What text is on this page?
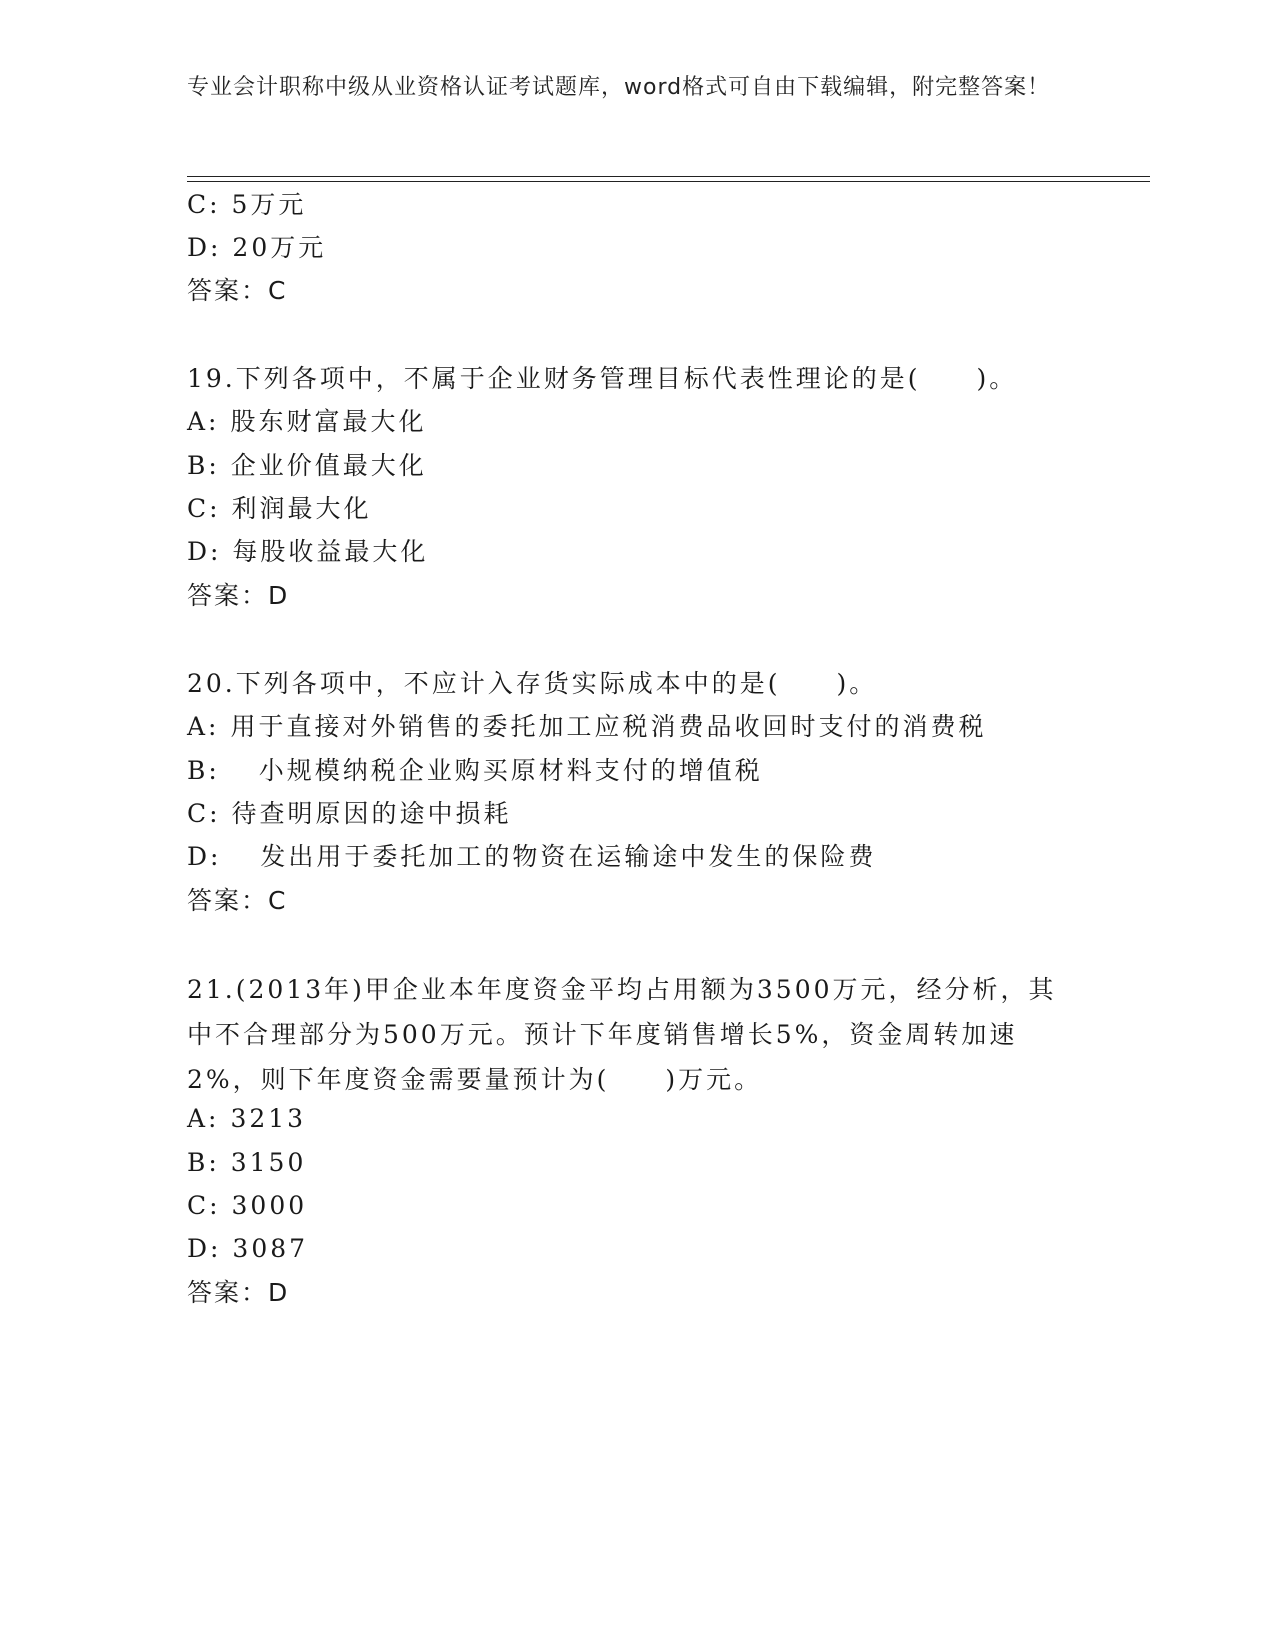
专业会计职称中级从业资格认证考试题库，word格式可自由下载编辑，附完整答案！
C: 5万元
D: 20万元
答案：C
19.下列各项中，不属于企业财务管理目标代表性理论的是(　　)。
A: 股东财富最大化
B: 企业价值最大化
C: 利润最大化
D: 每股收益最大化
答案：D
20.下列各项中，不应计入存货实际成本中的是(　　)。
A: 用于直接对外销售的委托加工应税消费品收回时支付的消费税
B: 小规模纳税企业购买原材料支付的增值税
C: 待查明原因的途中损耗
D: 发出用于委托加工的物资在运输途中发生的保险费
答案：C
21.(2013年)甲企业本年度资金平均占用额为3500万元，经分析，其中不合理部分为500万元。预计下年度销售增长5%，资金周转加速2%，则下年度资金需要量预计为(　　)万元。
A: 3213
B: 3150
C: 3000
D: 3087
答案：D
